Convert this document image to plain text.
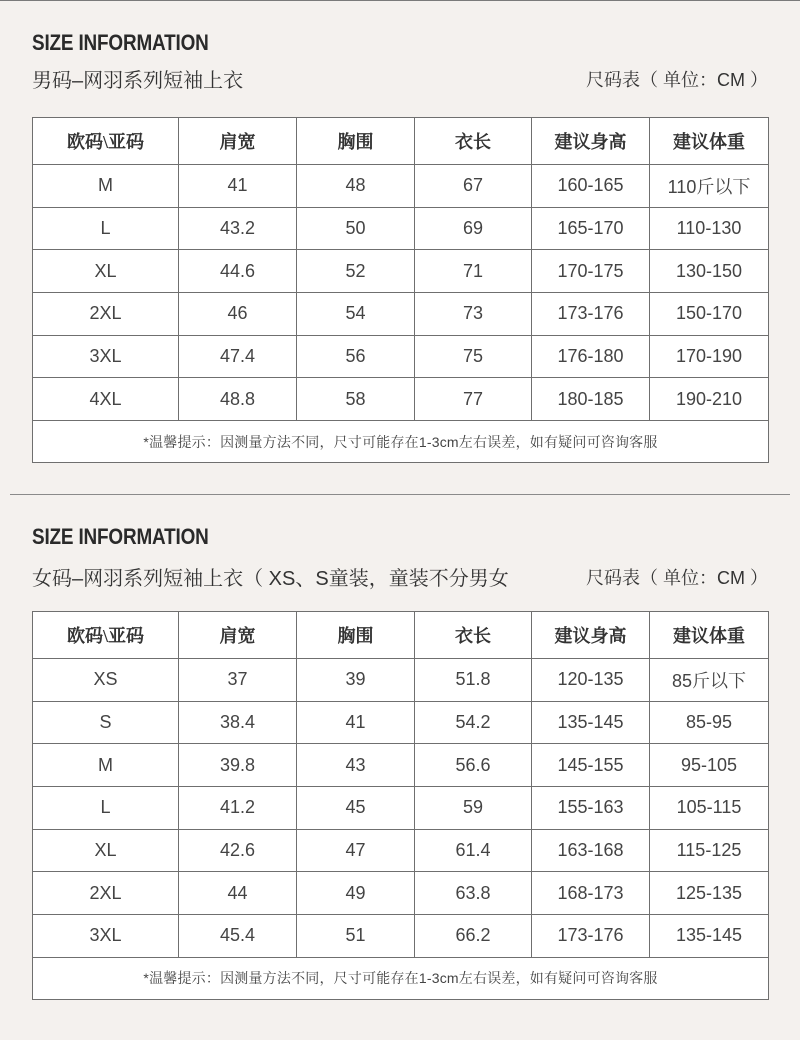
SIZE INFORMATION
男码–网羽系列短袖上衣	尺码表（ 单位：CM ）
欧码\亚码	肩宽	胸围	衣长	建议身高	建议体重
M	41	48	67	160-165	110斤以下
L	43.2	50	69	165-170	110-130
XL	44.6	52	71	170-175	130-150
2XL	46	54	73	173-176	150-170
3XL	47.4	56	75	176-180	170-190
4XL	48.8	58	77	180-185	190-210
*温馨提示：因测量方法不同，尺寸可能存在1-3cm左右误差，如有疑问可咨询客服					
SIZE INFORMATION
女码–网羽系列短袖上衣（ XS、S童装，童装不分男女	尺码表（ 单位：CM ）
欧码\亚码	肩宽	胸围	衣长	建议身高	建议体重
XS	37	39	51.8	120-135	85斤以下
S	38.4	41	54.2	135-145	85-95
M	39.8	43	56.6	145-155	95-105
L	41.2	45	59	155-163	105-115
XL	42.6	47	61.4	163-168	115-125
2XL	44	49	63.8	168-173	125-135
3XL	45.4	51	66.2	173-176	135-145
*温馨提示：因测量方法不同，尺寸可能存在1-3cm左右误差，如有疑问可咨询客服					
